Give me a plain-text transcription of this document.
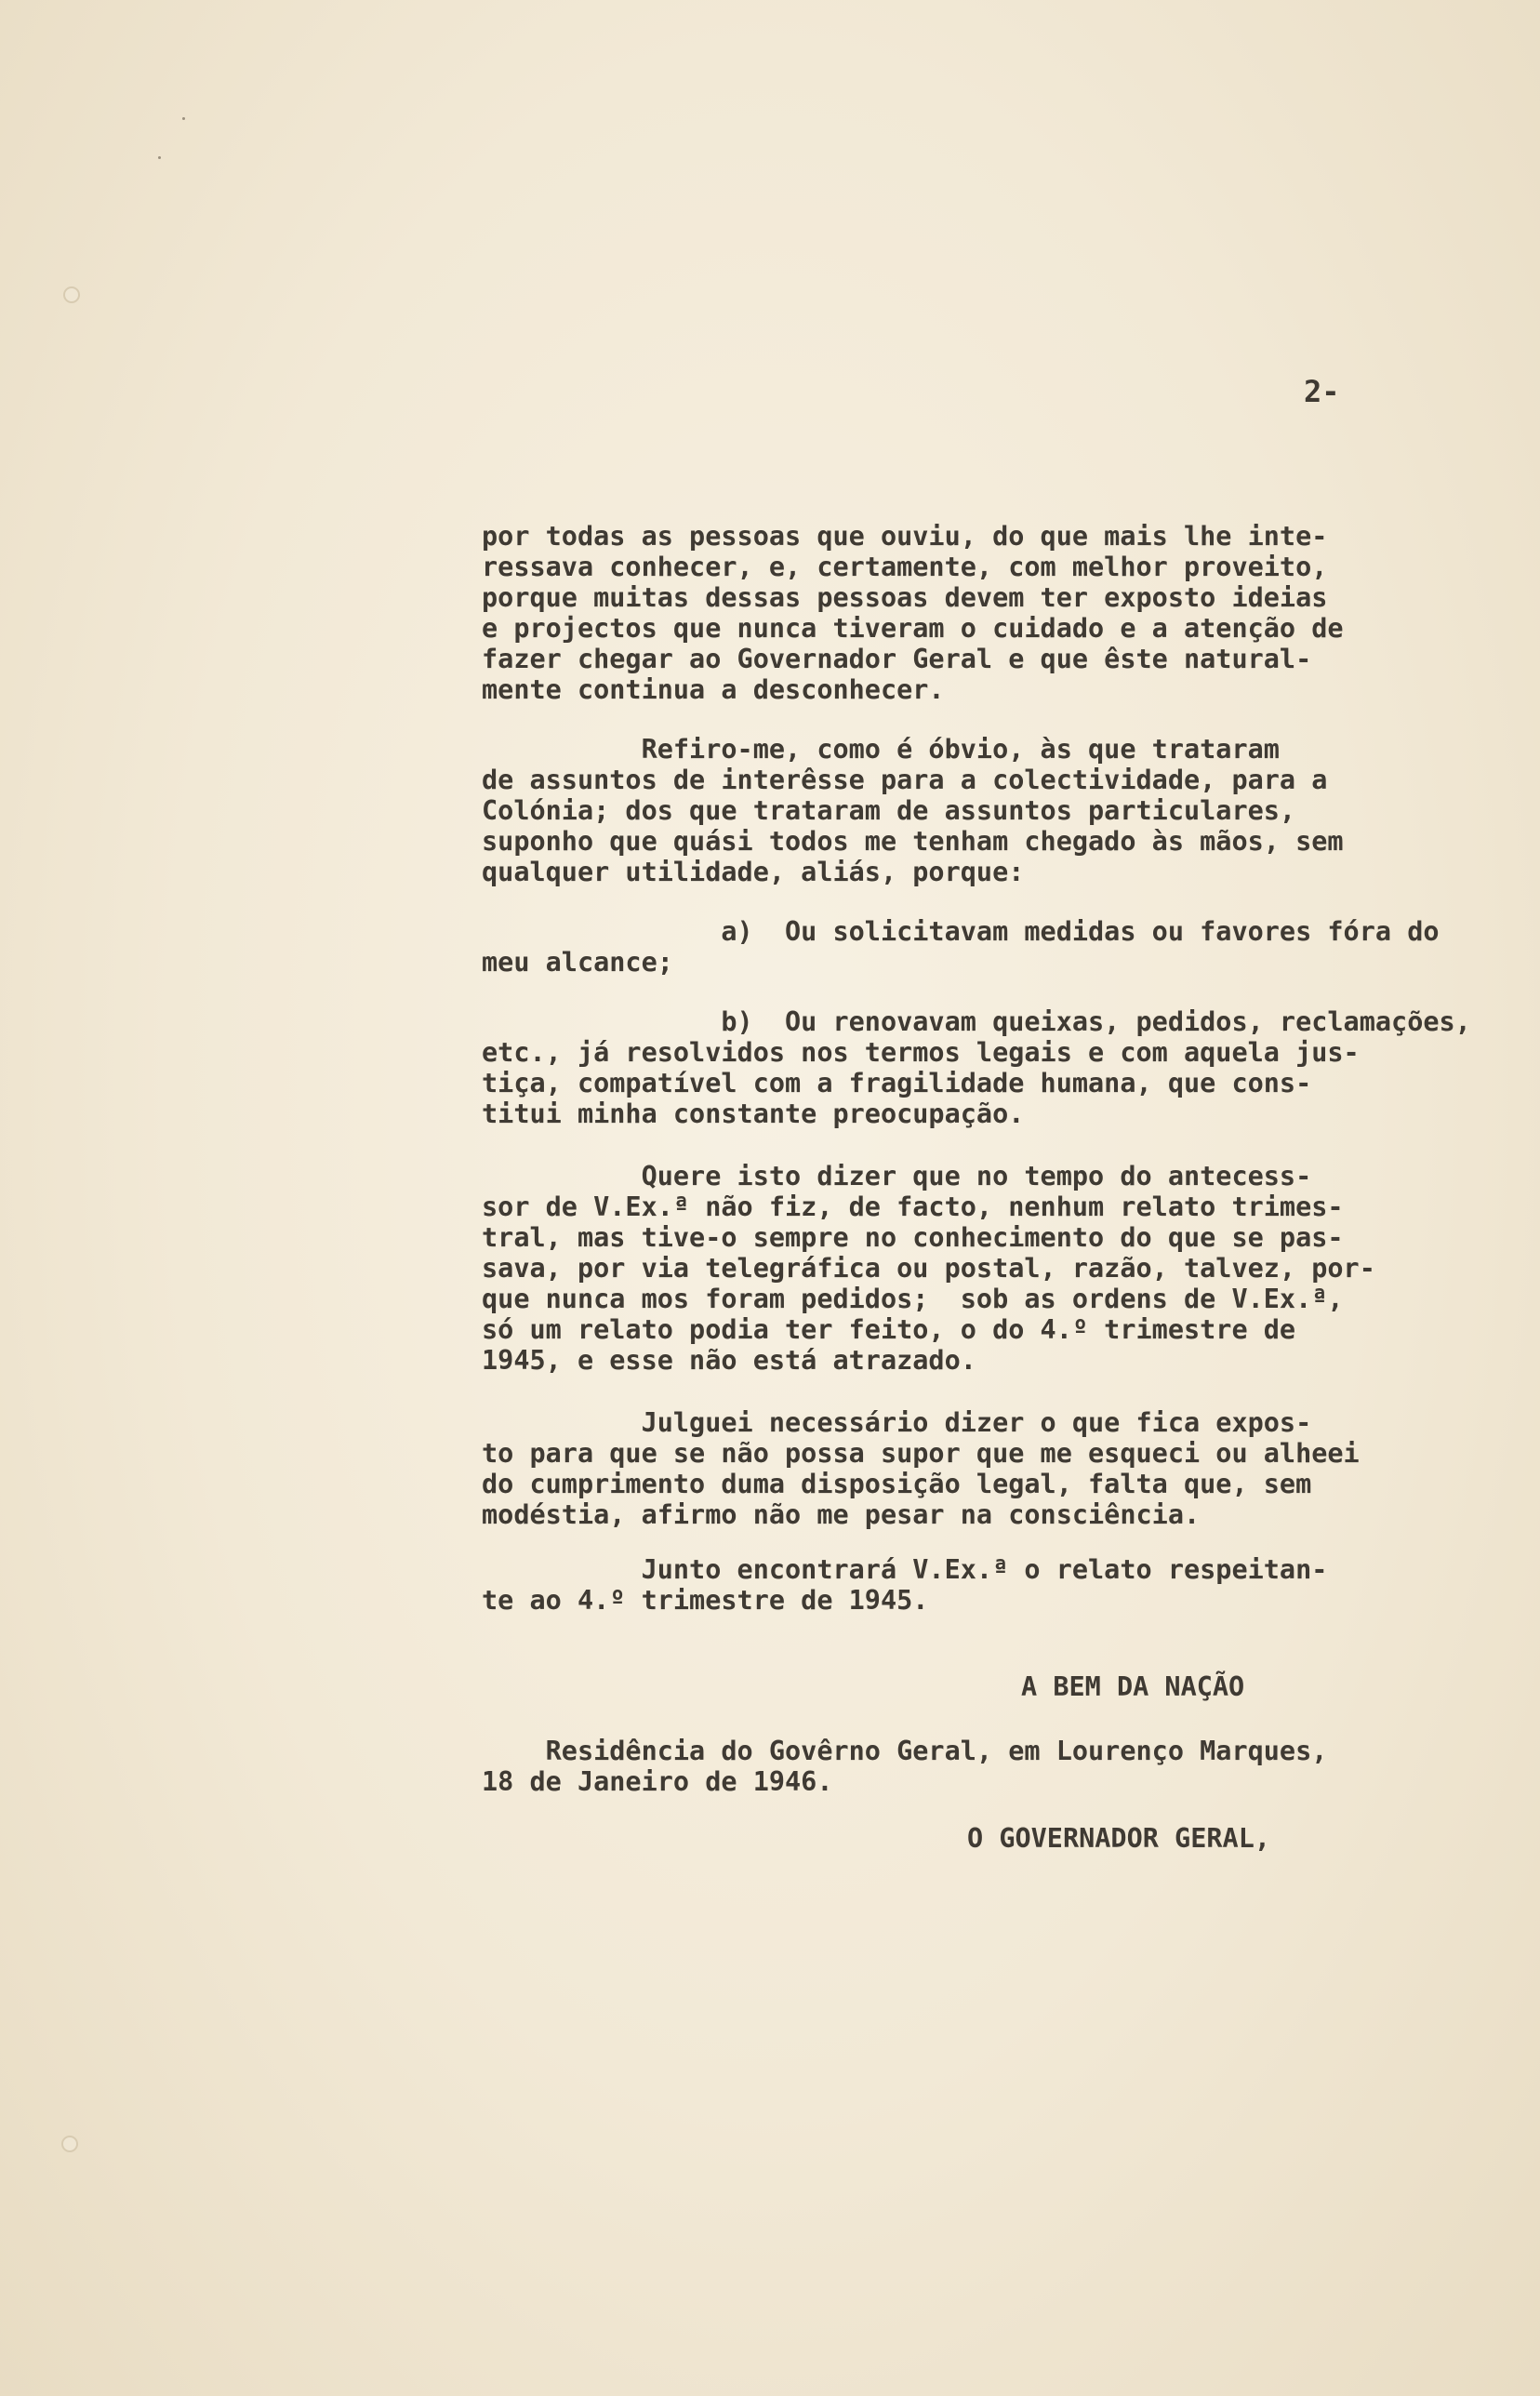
2-

por todas as pessoas que ouviu, do que mais lhe inte-
ressava conhecer, e, certamente, com melhor proveito,
porque muitas dessas pessoas devem ter exposto ideias
e projectos que nunca tiveram o cuidado e a atenção de
fazer chegar ao Governador Geral e que êste natural-
mente continua a desconhecer.

Refiro-me, como é óbvio, às que trataram
de assuntos de interêsse para a colectividade, para a
Colónia; dos que trataram de assuntos particulares,
suponho que quási todos me tenham chegado às mãos, sem
qualquer utilidade, aliás, porque:

a)  Ou solicitavam medidas ou favores fóra do
meu alcance;

b)  Ou renovavam queixas, pedidos, reclamações,
etc., já resolvidos nos termos legais e com aquela jus-
tiça, compatível com a fragilidade humana, que cons-
titui minha constante preocupação.

Quere isto dizer que no tempo do antecess-
sor de V.Ex.ª não fiz, de facto, nenhum relato trimes-
tral, mas tive-o sempre no conhecimento do que se pas-
sava, por via telegráfica ou postal, razão, talvez, por-
que nunca mos foram pedidos;  sob as ordens de V.Ex.ª,
só um relato podia ter feito, o do 4.º trimestre de
1945, e esse não está atrazado.

Julguei necessário dizer o que fica expos-
to para que se não possa supor que me esqueci ou alheei
do cumprimento duma disposição legal, falta que, sem
modéstia, afirmo não me pesar na consciência.

Junto encontrará V.Ex.ª o relato respeitan-
te ao 4.º trimestre de 1945.

A BEM DA NAÇÃO
Residência do Govêrno Geral, em Lourenço Marques,
18 de Janeiro de 1946.
O GOVERNADOR GERAL,
